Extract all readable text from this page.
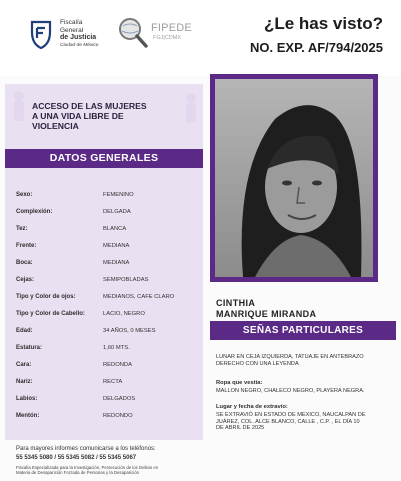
Fiscalía
General
de Justicia
Ciudad de México
FIPEDE
FGJ|CDMX
¿Le has visto?
NO. EXP. AF/794/2025
ACCESO DE LAS MUJERES
A UNA VIDA LIBRE DE
VIOLENCIA
DATOS GENERALES
Sexo:	FEMENINO
Complexión:	DELGADA
Tez:	BLANCA
Frente:	MEDIANA
Boca:	MEDIANA
Cejas:	SEMIPOBLADAS
Tipo y Color de ojos:	MEDIANOS, CAFE CLARO
Tipo y Color de Cabello:	LACIO, NEGRO
Edad:	34 AÑOS, 0 MESES
Estatura:	1,60 MTS.
Cara:	REDONDA
Nariz:	RECTA
Labios:	DELGADOS
Mentón:	REDONDO
Para mayores informes comunicarse a los teléfonos:
55 5345 5080 / 55 5345 5082 / 55 5345 5067
Fiscalía Especializada para la Investigación, Persecución de los Delitos en
Materia de Desaparición Forzada de Personas y la Desaparición
CINTHIA
MANRIQUE MIRANDA
SEÑAS PARTICULARES
LUNAR EN CEJA IZQUIERDA, TATUAJE EN ANTEBRAZO
DERECHO CON UNA LEYENDA
Ropa que vestía:
MALLON NEGRO, CHALECO NEGRO, PLAYERA NEGRA.
Lugar y fecha de extravío:
SE EXTRAVIÓ EN ESTADO DE MEXICO, NAUCALPAN DE
JUÁREZ, COL. ALCE BLANCO, CALLE , C.P. , EL DÍA 10
DE ABRIL DE 2025
